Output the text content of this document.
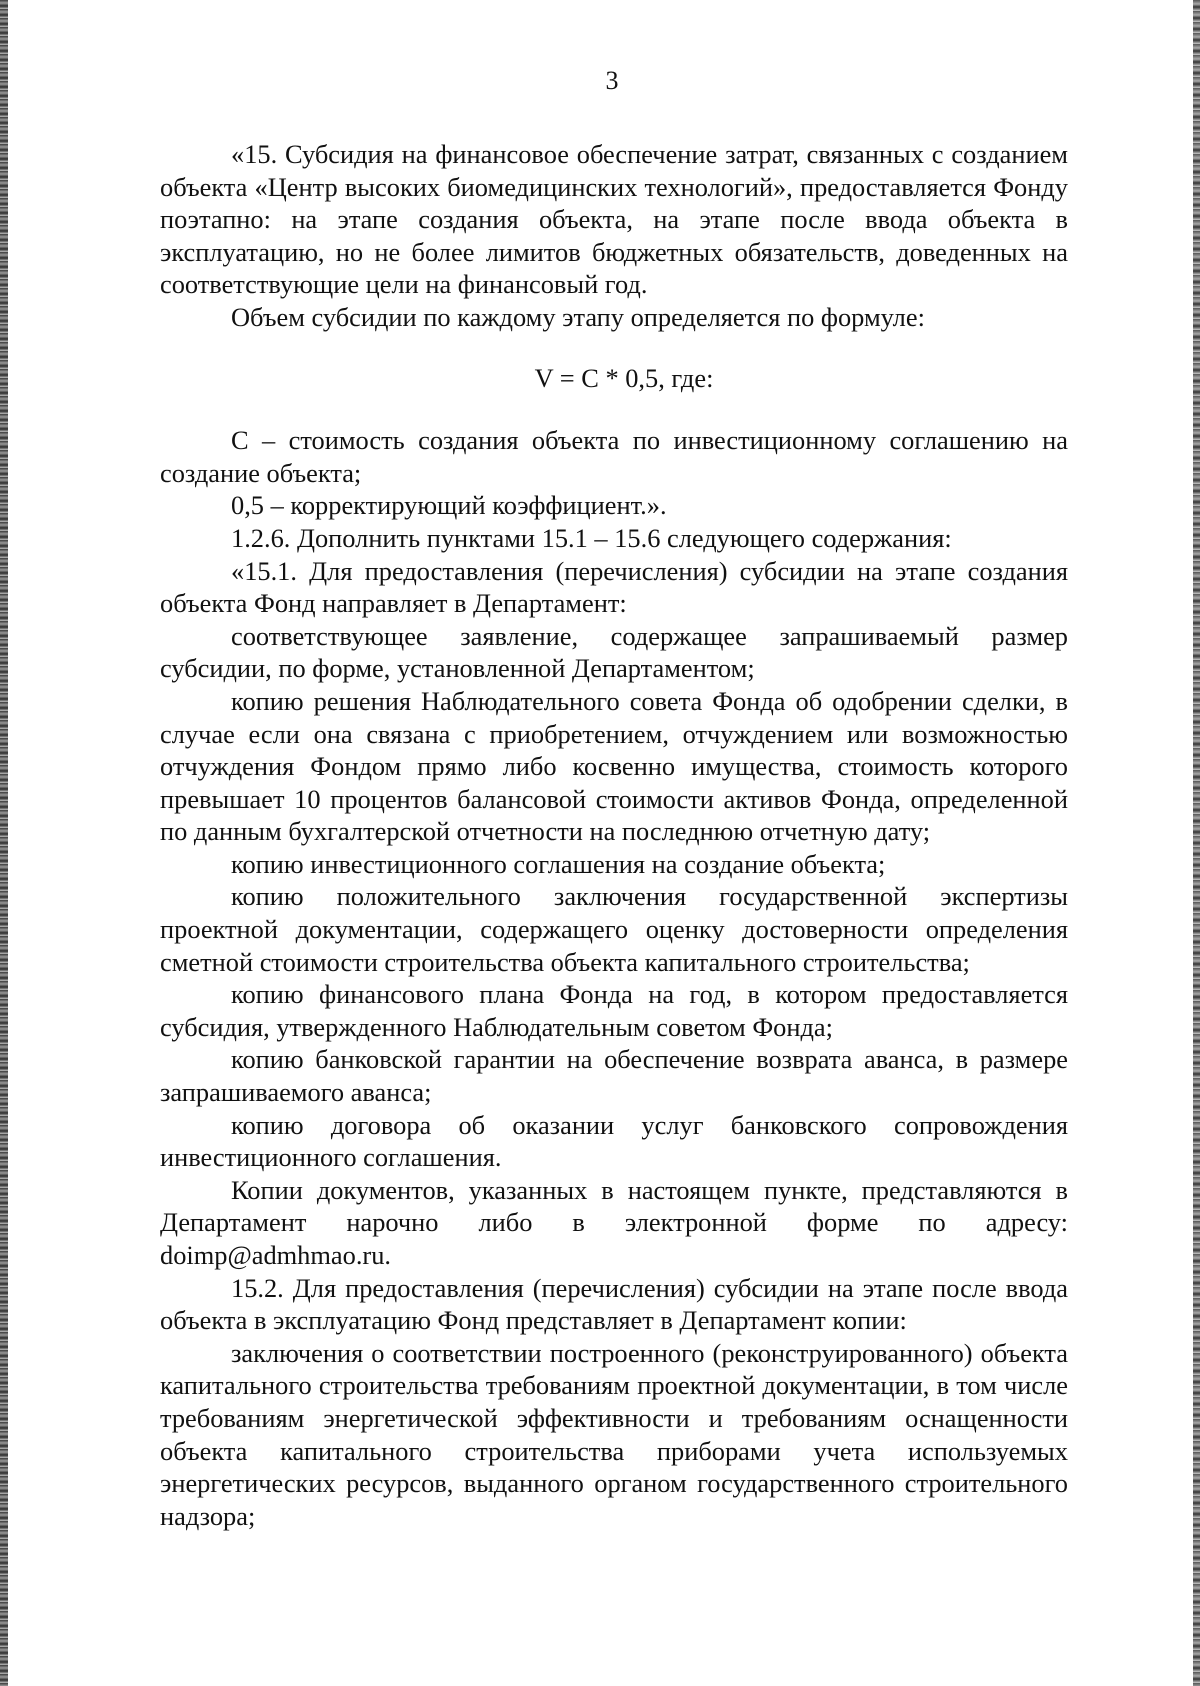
3

«15. Субсидия на финансовое обеспечение затрат, связанных с созданием объекта «Центр высоких биомедицинских технологий», предоставляется Фонду поэтапно: на этапе создания объекта, на этапе после ввода объекта в эксплуатацию, но не более лимитов бюджетных обязательств, доведенных на соответствующие цели на финансовый год.

Объем субсидии по каждому этапу определяется по формуле:

V = C * 0,5, где:

С – стоимость создания объекта по инвестиционному соглашению на создание объекта;

0,5 – корректирующий коэффициент.».

1.2.6. Дополнить пунктами 15.1 – 15.6 следующего содержания:

«15.1. Для предоставления (перечисления) субсидии на этапе создания объекта Фонд направляет в Департамент:

соответствующее заявление, содержащее запрашиваемый размер субсидии, по форме, установленной Департаментом;

копию решения Наблюдательного совета Фонда об одобрении сделки, в случае если она связана с приобретением, отчуждением или возможностью отчуждения Фондом прямо либо косвенно имущества, стоимость которого превышает 10 процентов балансовой стоимости активов Фонда, определенной по данным бухгалтерской отчетности на последнюю отчетную дату;

копию инвестиционного соглашения на создание объекта;

копию положительного заключения государственной экспертизы проектной документации, содержащего оценку достоверности определения сметной стоимости строительства объекта капитального строительства;

копию финансового плана Фонда на год, в котором предоставляется субсидия, утвержденного Наблюдательным советом Фонда;

копию банковской гарантии на обеспечение возврата аванса, в размере запрашиваемого аванса;

копию договора об оказании услуг банковского сопровождения инвестиционного соглашения.

Копии документов, указанных в настоящем пункте, представляются в Департамент нарочно либо в электронной форме по адресу: doimp@admhmao.ru.

15.2. Для предоставления (перечисления) субсидии на этапе после ввода объекта в эксплуатацию Фонд представляет в Департамент копии:

заключения о соответствии построенного (реконструированного) объекта капитального строительства требованиям проектной документации, в том числе требованиям энергетической эффективности и требованиям оснащенности объекта капитального строительства приборами учета используемых энергетических ресурсов, выданного органом государственного строительного надзора;
